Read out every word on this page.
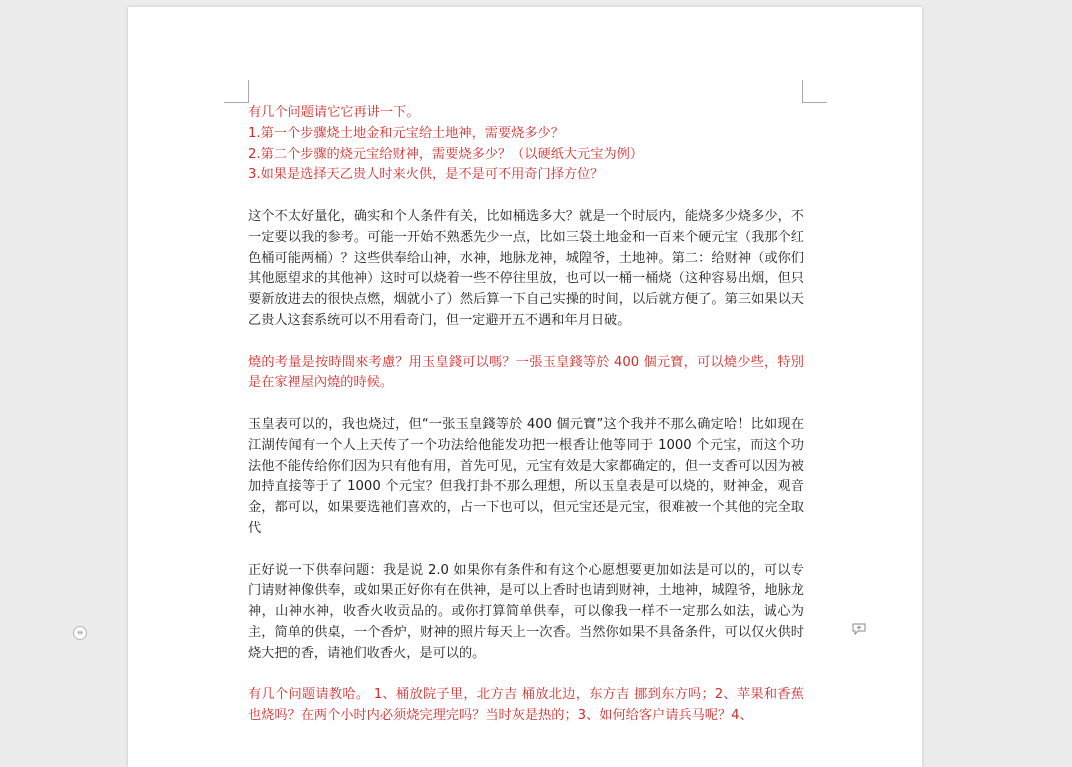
有几个问题请它它再讲一下。

1.第一个步骤烧土地金和元宝给土地神，需要烧多少？

2.第二个步骤的烧元宝给财神，需要烧多少？（以硬纸大元宝为例）

3.如果是选择天乙贵人时来火供，是不是可不用奇门择方位？

这个不太好量化，确实和个人条件有关，比如桶选多大？就是一个时辰内，能烧多少烧多少，不一定要以我的参考。可能一开始不熟悉先少一点，比如三袋土地金和一百来个硬元宝（我那个红色桶可能两桶）？这些供奉给山神，水神，地脉龙神，城隍爷，土地神。第二：给财神（或你们其他愿望求的其他神）这时可以烧着一些不停往里放，也可以一桶一桶烧（这种容易出烟，但只要新放进去的很快点燃，烟就小了）然后算一下自己实操的时间，以后就方便了。第三如果以天乙贵人这套系统可以不用看奇门，但一定避开五不遇和年月日破。

燒的考量是按時間來考慮？用玉皇錢可以嗎？一張玉皇錢等於 400 個元寶，可以燒少些，特別是在家裡屋內燒的時候。

玉皇表可以的，我也烧过，但“一张玉皇錢等於 400 個元寶”这个我并不那么确定哈！比如现在江湖传闻有一个人上天传了一个功法给他能发功把一根香让他等同于 1000 个元宝，而这个功法他不能传给你们因为只有他有用，首先可见，元宝有效是大家都确定的，但一支香可以因为被加持直接等于了 1000 个元宝？但我打卦不那么理想，所以玉皇表是可以烧的，财神金，观音金，都可以，如果要选祂们喜欢的，占一下也可以，但元宝还是元宝，很难被一个其他的完全取代

正好说一下供奉问题：我是说 2.0 如果你有条件和有这个心愿想要更加如法是可以的，可以专门请财神像供奉，或如果正好你有在供神，是可以上香时也请到财神，土地神，城隍爷，地脉龙神，山神水神，收香火收贡品的。或你打算简单供奉，可以像我一样不一定那么如法，诚心为主，简单的供桌，一个香炉，财神的照片每天上一次香。当然你如果不具备条件，可以仅火供时烧大把的香，请祂们收香火，是可以的。

有几个问题请教哈。 1、桶放院子里，北方吉 桶放北边，东方吉 挪到东方吗；2、苹果和香蕉也烧吗？在两个小时内必须烧完理完吗？当时灰是热的；3、如何给客户请兵马呢？4、

≡
